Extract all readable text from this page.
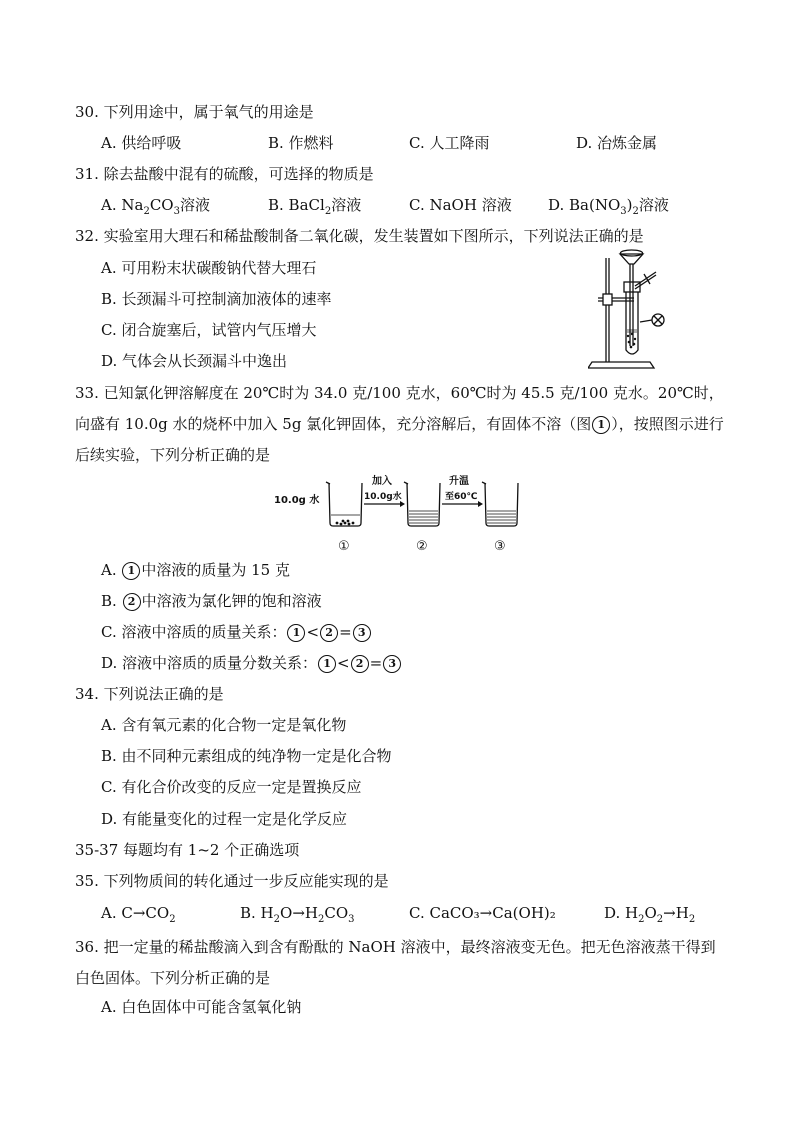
30. 下列用途中，属于氧气的用途是
A. 供给呼吸	B. 作燃料	C. 人工降雨	D. 冶炼金属
31. 除去盐酸中混有的硫酸，可选择的物质是
A. $Na_2CO_3$溶液	B. BaCl$_2$溶液	C. NaOH 溶液 D. $Ba(NO_3)_2$溶液
32. 实验室用大理石和稀盐酸制备二氧化碳，发生装置如下图所示，下列说法正确的是
A. 可用粉末状碳酸钠代替大理石
B. 长颈漏斗可控制滴加液体的速率
C. 闭合旋塞后，试管内气压增大
D. 气体会从长颈漏斗中逸出
33. 已知氯化钾溶解度在 20℃时为 34.0 克/100 克水，60℃时为 45.5 克/100 克水。20℃时，向盛有 10.0g 水的烧杯中加入 5g 氯化钾固体，充分溶解后，有固体不溶（图 1 ），按照图示进行后续实验，下列分析正确的是
10.0g 水
加入
10.0g水
升温
至60℃
①	②	③
A. 1 中溶液的质量为 15 克
B. 2 中溶液为氯化钾的饱和溶液
C. 溶液中溶质的质量关系： 1 < 2 = 3
D. 溶液中溶质的质量分数关系： 1 < 2 = 3
34. 下列说法正确的是
A. 含有氧元素的化合物一定是氧化物
B. 由不同种元素组成的纯净物一定是化合物
C. 有化合价改变的反应一定是置换反应
D. 有能量变化的过程一定是化学反应
35-37 每题均有 1~2 个正确选项
35. 下列物质间的转化通过一步反应能实现的是
A. $C\to CO_2$	B. $H_2O\to H_2CO_3$	C. CaCO₃→Ca(OH)₂	D. $H_2O_2\to H_2$
36. 把一定量的稀盐酸滴入到含有酚酞的 NaOH 溶液中，最终溶液变无色。把无色溶液蒸干得到白色固体。下列分析正确的是
A. 白色固体中可能含氢氧化钠
